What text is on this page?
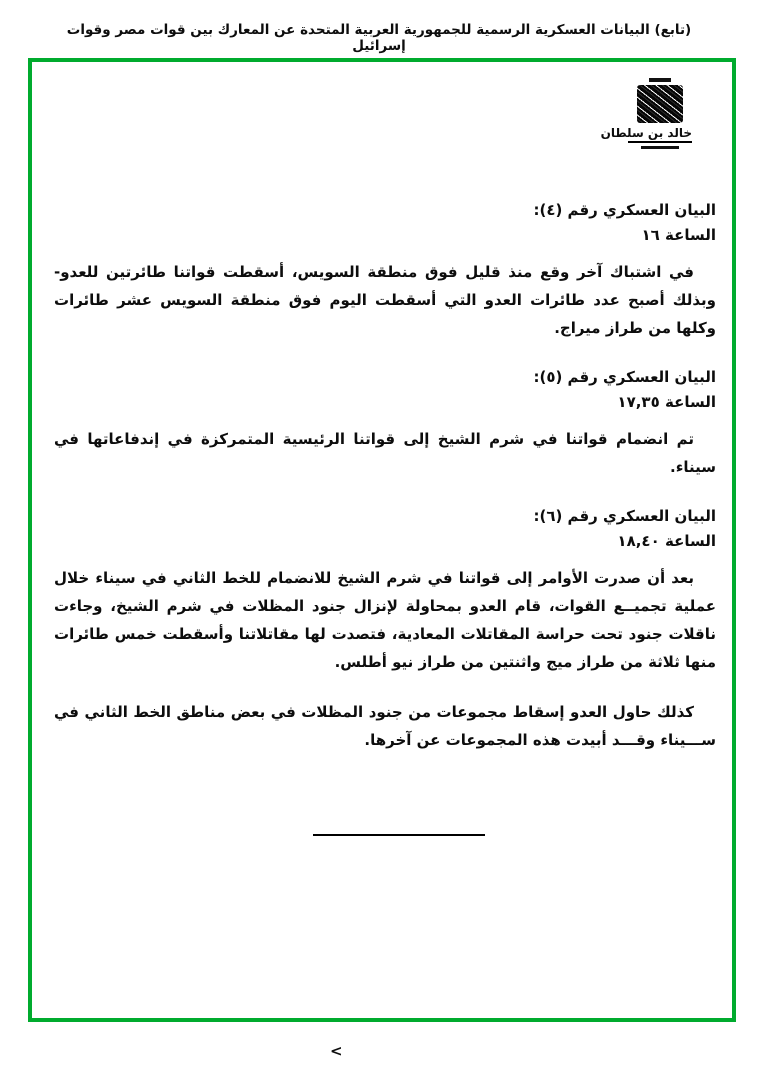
(تابع) البيانات العسكرية الرسمية للجمهورية العربية المتحدة عن المعارك بين قوات مصر وقوات إسرائيل
خالد بن سلطان
البيان العسكري رقم (٤):
الساعة ١٦

في اشتباك آخر وقع منذ قليل فوق منطقة السويس، أسقطت قواتنا طائرتين للعدو- وبذلك أصبح عدد طائرات العدو التي أسقطت اليوم فوق منطقة السويس عشر طائرات وكلها من طراز ميراج.

البيان العسكري رقم (٥):
الساعة ١٧,٣٥

تم انضمام قواتنا في شرم الشيخ إلى قواتنا الرئيسية المتمركزة في إندفاعاتها في سيناء.

البيان العسكري رقم (٦):
الساعة ١٨,٤٠

بعد أن صدرت الأوامر إلى قواتنا في شرم الشيخ للانضمام للخط الثاني في سيناء خلال عملية تجميــع القوات، قام العدو بمحاولة لإنزال جنود المظلات في شرم الشيخ، وجاءت ناقلات جنود تحت حراسة المقاتلات المعادية، فتصدت لها مقاتلاتنا وأسقطت خمس طائرات منها ثلاثة من طراز ميج واثنتين من طراز نيو أطلس.

كذلك حاول العدو إسقاط مجموعات من جنود المظلات في بعض مناطق الخط الثاني في ســـيناء وقـــد أبيدت هذه المجموعات عن آخرها.

<
